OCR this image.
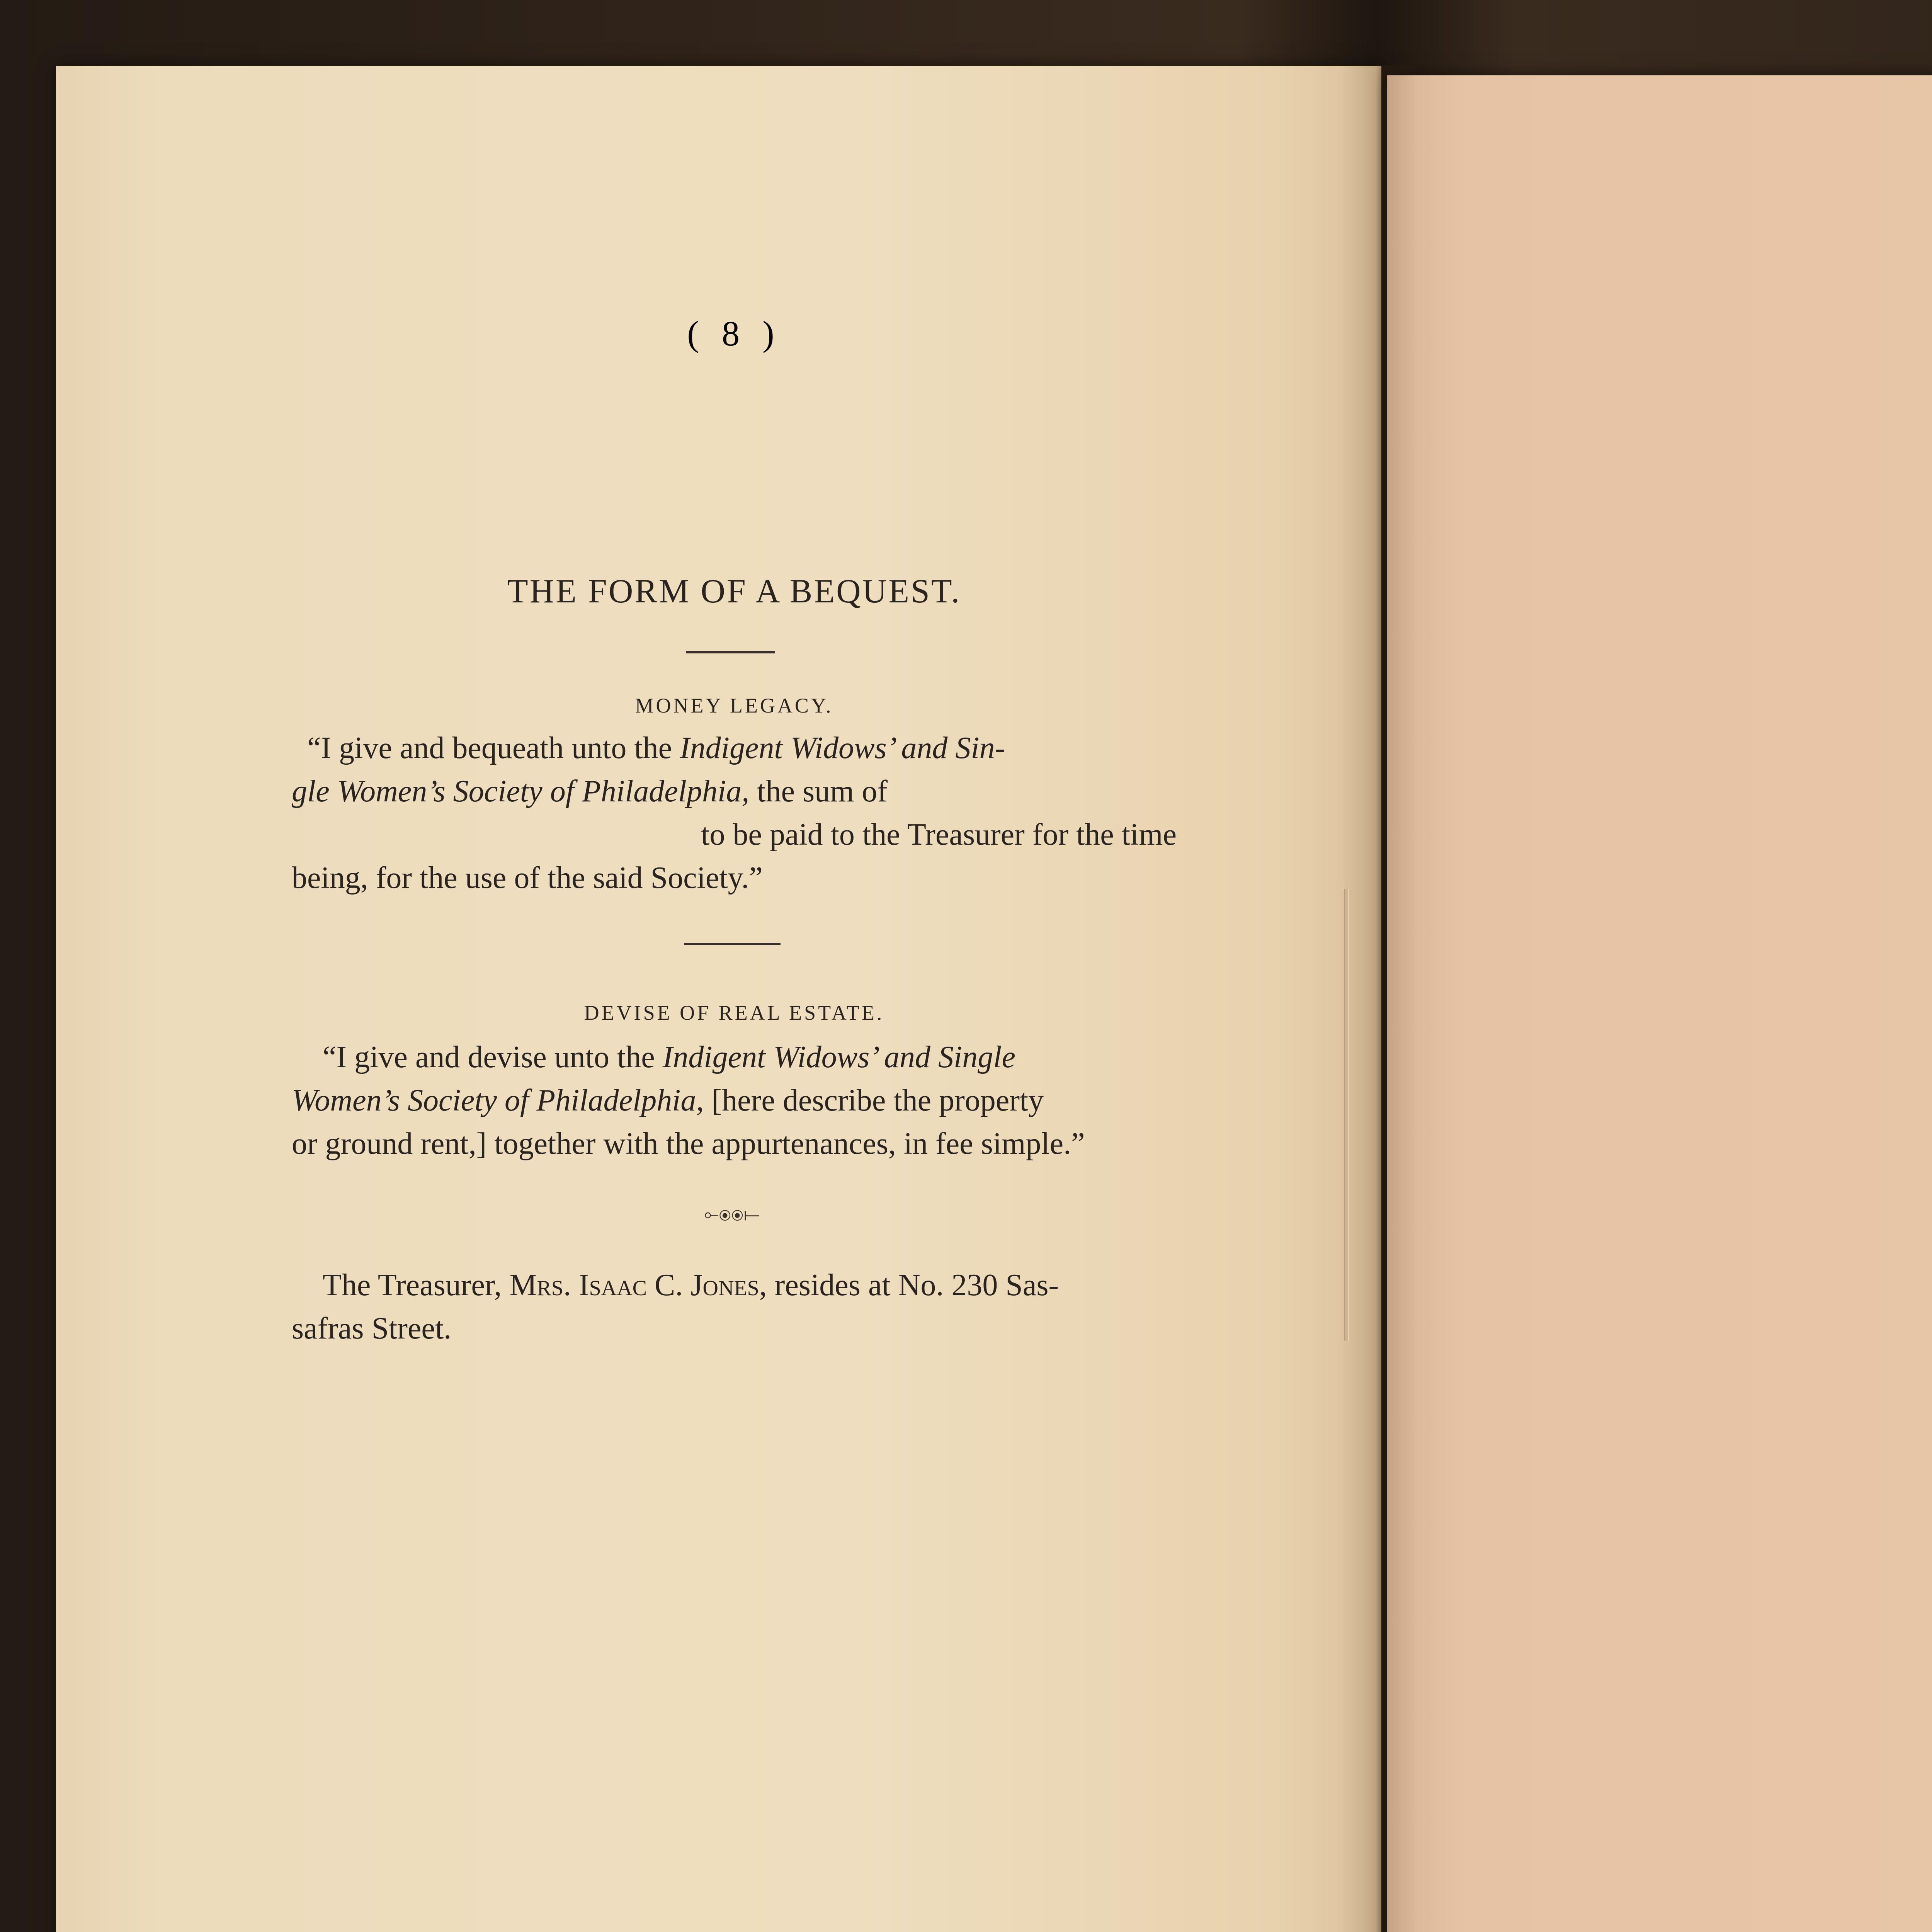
( 8 )
THE FORM OF A BEQUEST.
MONEY LEGACY.
“I give and bequeath unto the Indigent Widows’ and Sin-
gle Women’s Society of Philadelphia, the sum of
to be paid to the Treasurer for the time
being, for the use of the said Society.”
DEVISE OF REAL ESTATE.
“I give and devise unto the Indigent Widows’ and Single
Women’s Society of Philadelphia, [here describe the property
or ground rent,] together with the appurtenances, in fee simple.”
⟜⦿⦿⟝
The Treasurer, Mrs. Isaac C. Jones, resides at No. 230 Sas-
safras Street.
